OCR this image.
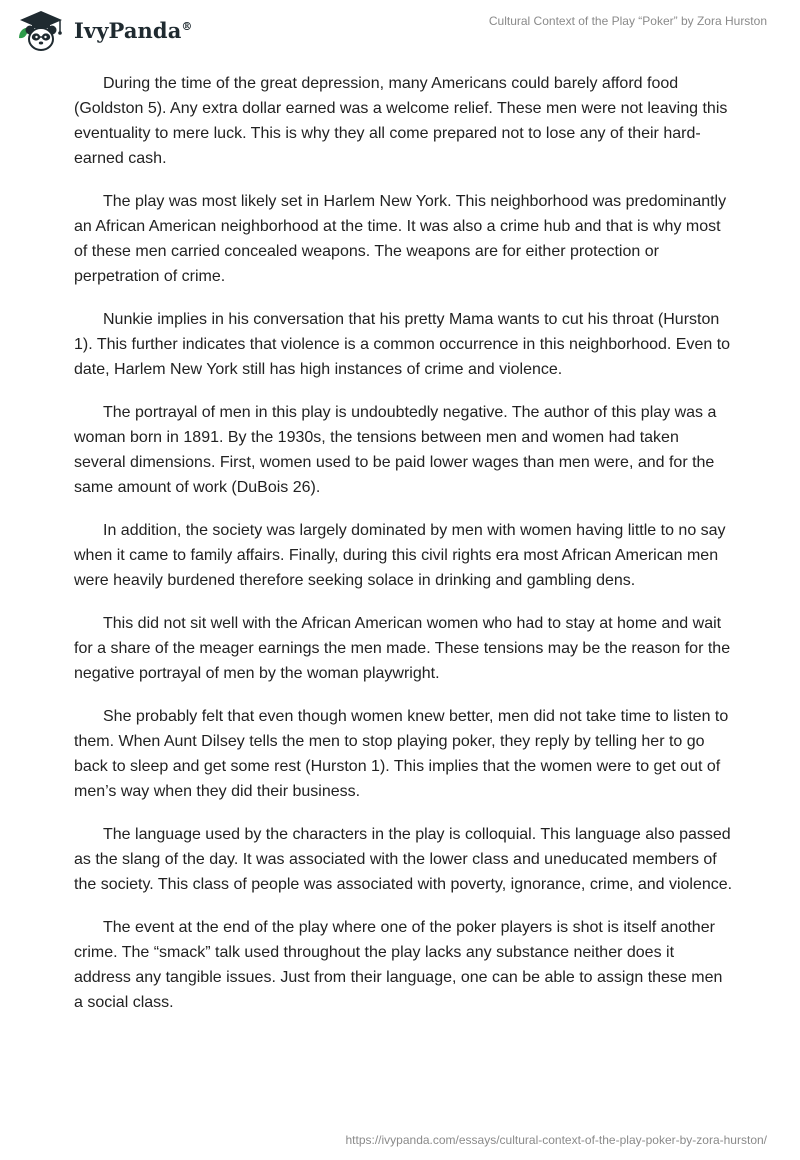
IvyPanda®	Cultural Context of the Play “Poker” by Zora Hurston

During the time of the great depression, many Americans could barely afford food (Goldston 5). Any extra dollar earned was a welcome relief. These men were not leaving this eventuality to mere luck. This is why they all come prepared not to lose any of their hard-earned cash.

The play was most likely set in Harlem New York. This neighborhood was predominantly an African American neighborhood at the time. It was also a crime hub and that is why most of these men carried concealed weapons. The weapons are for either protection or perpetration of crime.

Nunkie implies in his conversation that his pretty Mama wants to cut his throat (Hurston 1). This further indicates that violence is a common occurrence in this neighborhood. Even to date, Harlem New York still has high instances of crime and violence.

The portrayal of men in this play is undoubtedly negative. The author of this play was a woman born in 1891. By the 1930s, the tensions between men and women had taken several dimensions. First, women used to be paid lower wages than men were, and for the same amount of work (DuBois 26).

In addition, the society was largely dominated by men with women having little to no say when it came to family affairs. Finally, during this civil rights era most African American men were heavily burdened therefore seeking solace in drinking and gambling dens.

This did not sit well with the African American women who had to stay at home and wait for a share of the meager earnings the men made. These tensions may be the reason for the negative portrayal of men by the woman playwright.

She probably felt that even though women knew better, men did not take time to listen to them. When Aunt Dilsey tells the men to stop playing poker, they reply by telling her to go back to sleep and get some rest (Hurston 1). This implies that the women were to get out of men’s way when they did their business.

The language used by the characters in the play is colloquial. This language also passed as the slang of the day. It was associated with the lower class and uneducated members of the society. This class of people was associated with poverty, ignorance, crime, and violence.

The event at the end of the play where one of the poker players is shot is itself another crime. The “smack” talk used throughout the play lacks any substance neither does it address any tangible issues. Just from their language, one can be able to assign these men a social class.

https://ivypanda.com/essays/cultural-context-of-the-play-poker-by-zora-hurston/
